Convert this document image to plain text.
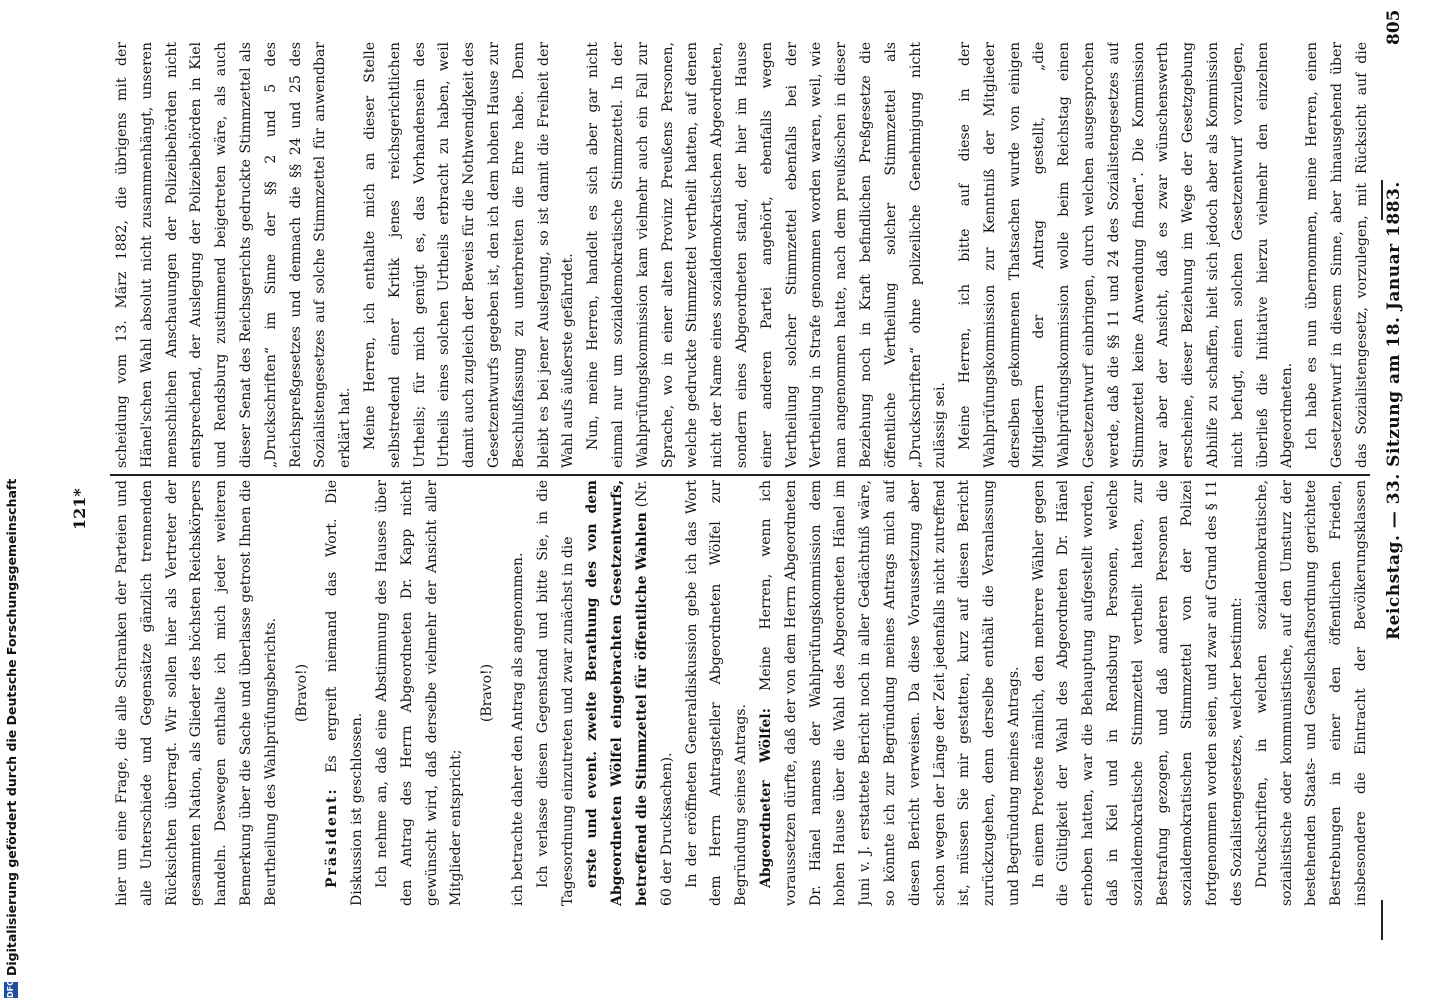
DFG
Digitalisierung gefördert durch die Deutsche Forschungsgemeinschaft	121*	Reichstag. — 33. Sitzung am 18. Januar 1883.
805

hier um eine Frage, die alle Schranken der Parteien und alle Unterschiede und Gegensätze gänzlich trennenden Rücksichten überragt. Wir sollen hier als Vertreter der gesammten Nation, als Glieder des höchsten Reichskörpers handeln. Deswegen enthalte ich mich jeder weiteren Bemerkung über die Sache und überlasse getrost Ihnen die Beurtheilung des Wahlprüfungsberichts.	(Bravo!)

Präsident: Es ergreift niemand das Wort. Die Diskussion ist geschlossen. Ich nehme an, daß eine Abstimmung des Hauses über den Antrag des Herrn Abgeordneten Dr. Kapp nicht gewünscht wird, daß derselbe vielmehr der Ansicht aller Mitglieder entspricht;

(Bravo!)	ich betrachte daher den Antrag als angenommen. Ich verlasse diesen Gegenstand und bitte Sie, in die Tagesordnung einzutreten und zwar zunächst in die erste und event. zweite Berathung des von dem Abgeordneten Wölfel eingebrachten Gesetzentwurfs, betreffend die Stimmzettel für öffentliche Wahlen (Nr. 60 der Drucksachen). In der eröffneten Generaldiskussion gebe ich das Wort dem Herrn Antragsteller Abgeordneten Wölfel zur Begründung seines Antrags. Abgeordneter Wölfel: Meine Herren, wenn ich voraussetzen dürfte, daß der von dem Herrn Abgeordneten Dr. Hänel namens der Wahlprüfungskommission dem hohen Hause über die Wahl des Abgeordneten Hänel im Juni v. J. erstattete Bericht noch in aller Gedächtniß wäre, so könnte ich zur Begründung meines Antrags mich auf diesen Bericht verweisen. Da diese Voraussetzung aber schon wegen der Länge der Zeit jedenfalls nicht zutreffend ist, müssen Sie mir gestatten, kurz auf diesen Bericht zurückzugehen, denn derselbe enthält die Veranlassung und Begründung meines Antrags. In einem Proteste nämlich, den mehrere Wähler gegen die Gültigkeit der Wahl des Abgeordneten Dr. Hänel erhoben hatten, war die Behauptung aufgestellt worden, daß in Kiel und in Rendsburg Personen, welche sozialdemokratische Stimmzettel vertheilt hatten, zur Bestrafung gezogen, und daß anderen Personen die sozialdemokratischen Stimmzettel von der Polizei fortgenommen worden seien, und zwar auf Grund des § 11 des Sozialistengesetzes, welcher bestimmt: Druckschriften, in welchen sozialdemokratische, sozialistische oder kommunistische, auf den Umsturz der bestehenden Staats- und Gesellschaftsordnung gerichtete Bestrebungen in einer den öffentlichen Frieden, insbesondere die Eintracht der Bevölkerungsklassen

scheidung vom 13. März 1882, die übrigens mit der Hänel'schen Wahl absolut nicht zusammenhängt, unseren menschlichen Anschauungen der Polizeibehörden nicht entsprechend, der Auslegung der Polizeibehörden in Kiel und Rendsburg zustimmend beigetreten wäre, als auch dieser Senat des Reichsgerichts gedruckte Stimmzettel als „Druckschriften“ im Sinne der §§ 2 und 5 des Reichspreßgesetzes und demnach die §§ 24 und 25 des Sozialistengesetzes auf solche Stimmzettel für anwendbar erklärt hat. Meine Herren, ich enthalte mich an dieser Stelle selbstredend einer Kritik jenes reichsgerichtlichen Urtheils; für mich genügt es, das Vorhandensein des Urtheils eines solchen Urtheils erbracht zu haben, weil damit auch zugleich der Beweis für die Nothwendigkeit des Gesetzentwurfs gegeben ist, den ich dem hohen Hause zur Beschlußfassung zu unterbreiten die Ehre habe. Denn bleibt es bei jener Auslegung, so ist damit die Freiheit der Wahl aufs äußerste gefährdet. Nun, meine Herren, handelt es sich aber gar nicht einmal nur um sozialdemokratische Stimmzettel. In der Wahlprüfungskommission kam vielmehr auch ein Fall zur Sprache, wo in einer alten Provinz Preußens Personen, welche gedruckte Stimmzettel vertheilt hatten, auf denen nicht der Name eines sozialdemokratischen Abgeordneten, sondern eines Abgeordneten stand, der hier im Hause einer anderen Partei angehört, ebenfalls wegen Vertheilung solcher Stimmzettel ebenfalls bei der Vertheilung in Strafe genommen worden waren, weil, wie man angenommen hatte, nach dem preußischen in dieser Beziehung noch in Kraft befindlichen Preßgesetze die öffentliche Vertheilung solcher Stimmzettel als „Druckschriften“ ohne polizeiliche Genehmigung nicht zulässig sei. Meine Herren, ich bitte auf diese in der Wahlprüfungskommission zur Kenntniß der Mitglieder derselben gekommenen Thatsachen wurde von einigen Mitgliedern der Antrag gestellt, „die Wahlprüfungskommission wolle beim Reichstag einen Gesetzentwurf einbringen, durch welchen ausgesprochen werde, daß die §§ 11 und 24 des Sozialistengesetzes auf Stimmzettel keine Anwendung finden“. Die Kommission war aber der Ansicht, daß es zwar wünschenswerth erscheine, dieser Beziehung im Wege der Gesetzgebung Abhilfe zu schaffen, hielt sich jedoch aber als Kommission nicht befugt, einen solchen Gesetzentwurf vorzulegen, überließ die Initiative hierzu vielmehr den einzelnen Abgeordneten. Ich habe es nun übernommen, meine Herren, einen Gesetzentwurf in diesem Sinne, aber hinausgehend über das Sozialistengesetz, vorzulegen, mit Rücksicht auf die
